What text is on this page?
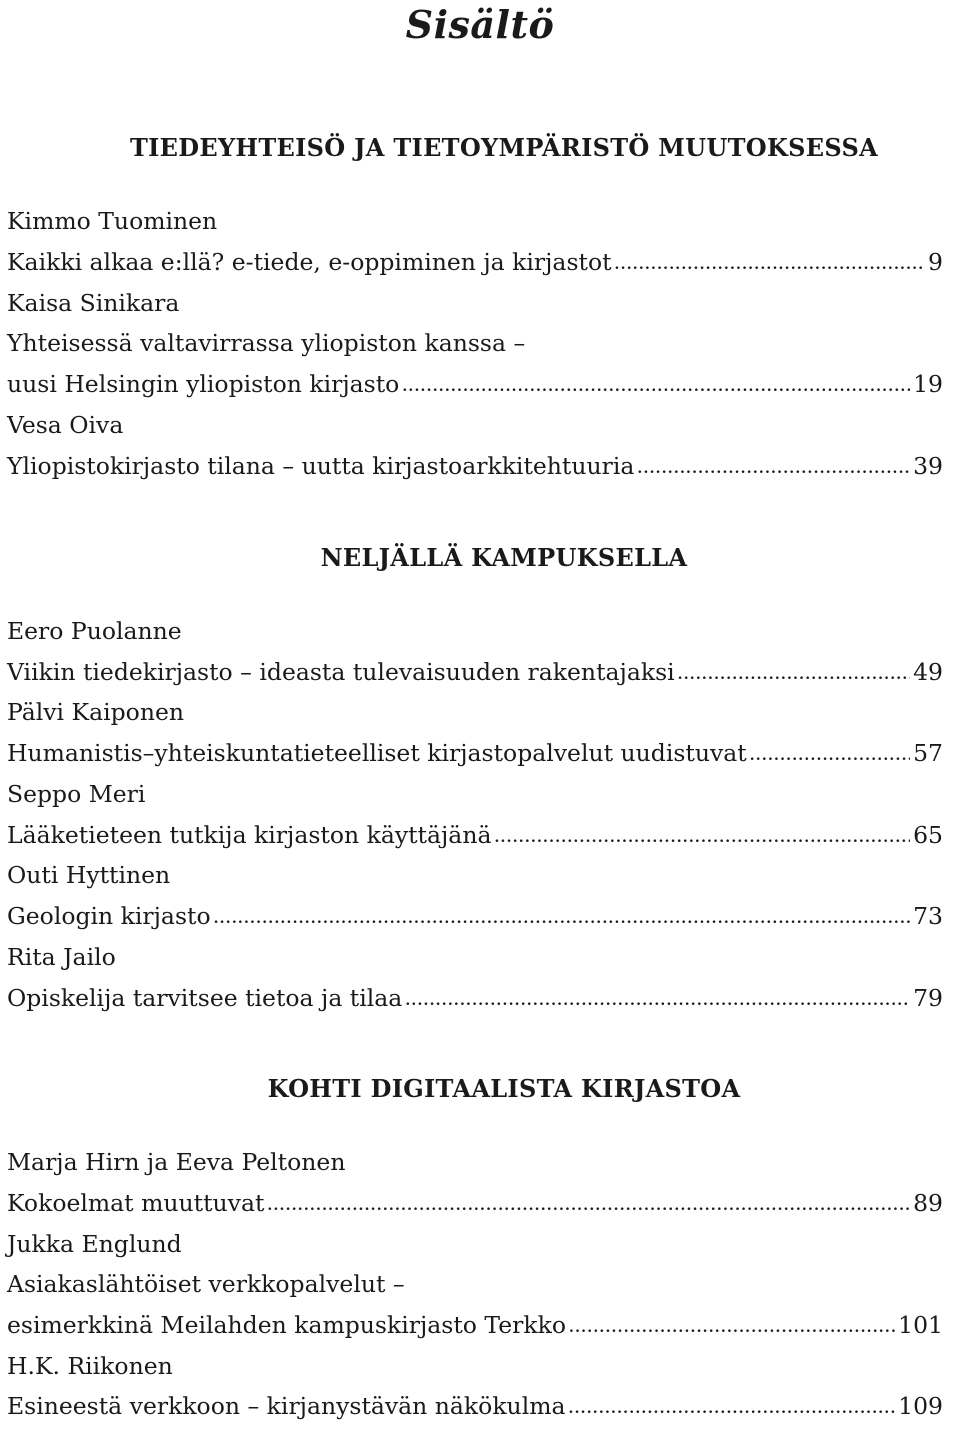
Sisältö
TIEDEYHTEISÖ JA TIETOYMPÄRISTÖ MUUTOKSESSA
Kimmo Tuominen
Kaikki alkaa e:llä? e-tiede, e-oppiminen ja kirjastot .....	9
Kaisa Sinikara
Yhteisessä valtavirrassa yliopiston kanssa –
uusi Helsingin yliopiston kirjasto .....	19
Vesa Oiva
Yliopistokirjasto tilana – uutta kirjastoarkkitehtuuria .....	39
NELJÄLLÄ KAMPUKSELLA
Eero Puolanne
Viikin tiedekirjasto – ideasta tulevaisuuden rakentajaksi .....	49
Pälvi Kaiponen
Humanistis–yhteiskuntatieteelliset kirjastopalvelut uudistuvat .....	57
Seppo Meri
Lääketieteen tutkija kirjaston käyttäjänä .....	65
Outi Hyttinen
Geologin kirjasto .....	73
Rita Jailo
Opiskelija tarvitsee tietoa ja tilaa .....	79
KOHTI DIGITAALISTA KIRJASTOA
Marja Hirn ja Eeva Peltonen
Kokoelmat muuttuvat .....	89
Jukka Englund
Asiakaslähtöiset verkkopalvelut –
esimerkkinä Meilahden kampuskirjasto Terkko .....	101
H.K. Riikonen
Esineestä verkkoon – kirjanystävän näkökulma .....	109
